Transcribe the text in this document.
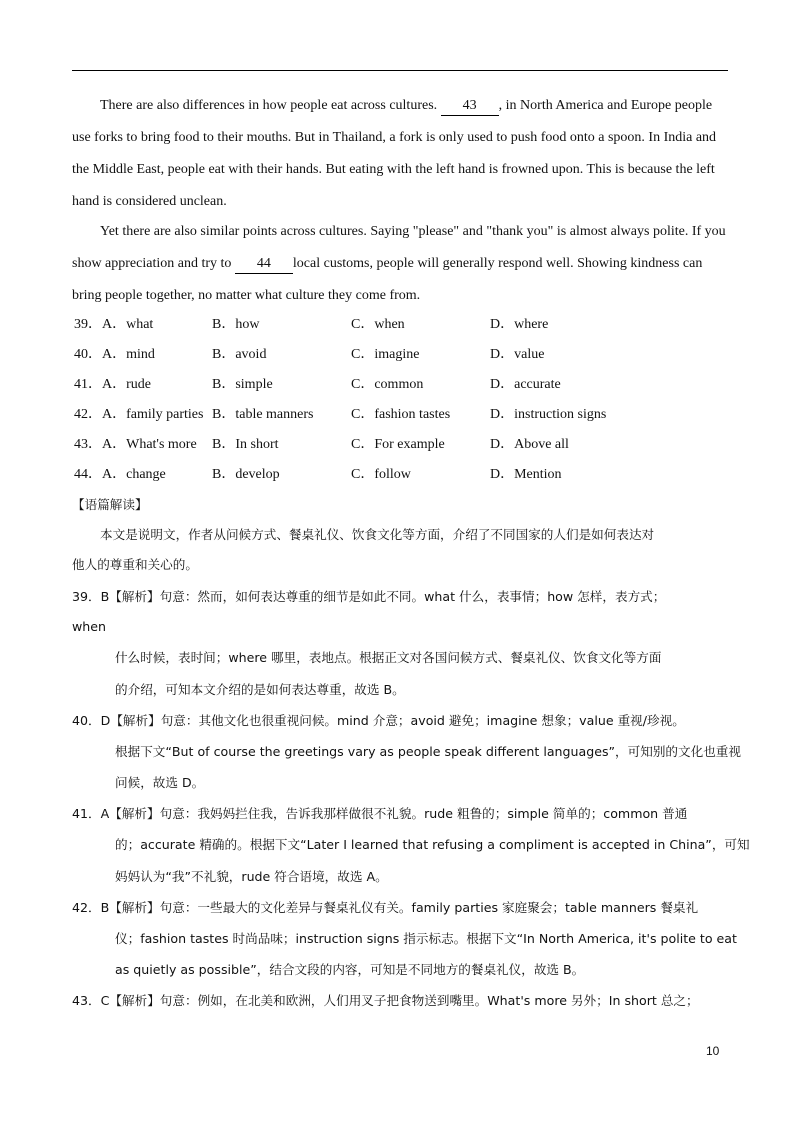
There are also differences in how people eat across cultures. 43 , in North America and Europe people use forks to bring food to their mouths. But in Thailand, a fork is only used to push food onto a spoon. In India and the Middle East, people eat with their hands. But eating with the left hand is frowned upon. This is because the left hand is considered unclean.

Yet there are also similar points across cultures. Saying "please" and "thank you" is almost always polite. If you show appreciation and try to 44 local customs, people will generally respond well. Showing kindness can bring people together, no matter what culture they come from.

39． A．what	B．how	C．when	D．where
40． A．mind	B．avoid	C．imagine	D．value
41． A．rude	B．simple	C．common	D．accurate
42． A．family parties B．table manners	C．fashion tastes	D．instruction signs
43． A．What's more B．In short	C．For example	D．Above all
44． A．change	B．develop	C．follow	D．Mention
【语篇解读】
本文是说明文，作者从问候方式、餐桌礼仪、饮食文化等方面，介绍了不同国家的人们是如何表达对
他人的尊重和关心的。
39．B【解析】句意：然而，如何表达尊重的细节是如此不同。what 什么，表事情；how 怎样，表方式；
when
什么时候，表时间；where 哪里，表地点。根据正文对各国问候方式、餐桌礼仪、饮食文化等方面
的介绍，可知本文介绍的是如何表达尊重，故选 B。
40．D【解析】句意：其他文化也很重视问候。mind 介意；avoid 避免；imagine 想象；value 重视/珍视。
根据下文“But of course the greetings vary as people speak different languages”，可知别的文化也重视
问候，故选 D。
41．A【解析】句意：我妈妈拦住我，告诉我那样做很不礼貌。rude 粗鲁的；simple 简单的；common 普通
的；accurate 精确的。根据下文“Later I learned that refusing a compliment is accepted in China”，可知
妈妈认为“我”不礼貌，rude 符合语境，故选 A。
42．B【解析】句意：一些最大的文化差异与餐桌礼仪有关。family parties 家庭聚会；table manners 餐桌礼
仪；fashion tastes 时尚品味；instruction signs 指示标志。根据下文“In North America, it's polite to eat
as quietly as possible”，结合文段的内容，可知是不同地方的餐桌礼仪，故选 B。
43．C【解析】句意：例如，在北美和欧洲，人们用叉子把食物送到嘴里。What's more 另外；In short 总之；
10
